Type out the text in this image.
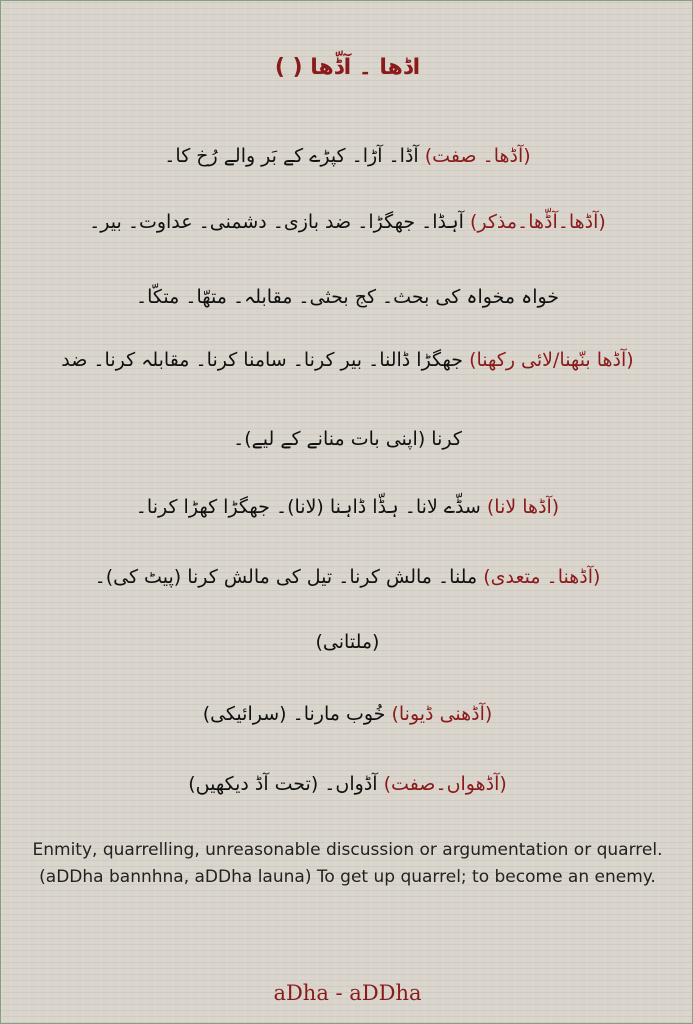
اڈھا ۔ آڈّھا ( )
(آڈھا۔ صفت) آڈا۔ آڑا۔ کپڑے کے بَر والے رُخ کا۔
(آڈھا۔آڈّھا۔مذکر) آہڈا۔ جھگڑا۔ ضد بازی۔ دشمنی۔ عداوت۔ بیر۔
خواہ مخواہ کی بحث۔ کج بحثی۔ مقابلہ۔ متھّا۔ متکّا۔
(آڈھا بنّھنا/لائی رکھنا) جھگڑا ڈالنا۔ بیر کرنا۔ سامنا کرنا۔ مقابلہ کرنا۔ ضد
کرنا (اپنی بات منانے کے لیے)۔
(آڈھا لانا) سڈّے لانا۔ ہڈّا ڈاہنا (لانا)۔ جھگڑا کھڑا کرنا۔
(آڈھنا۔ متعدی) ملنا۔ مالش کرنا۔ تیل کی مالش کرنا (پیٹ کی)۔
(ملتانی)
(آڈھنی ڈیونا) خُوب مارنا۔ (سرائیکی)
(آڈھواں۔صفت) آڈواں۔ (تحت آڈ دیکھیں)

Enmity, quarrelling, unreasonable discussion or argumentation or quarrel.

(aDDha bannhna, aDDha launa) To get up quarrel; to become an enemy.

aDha - aDDha
